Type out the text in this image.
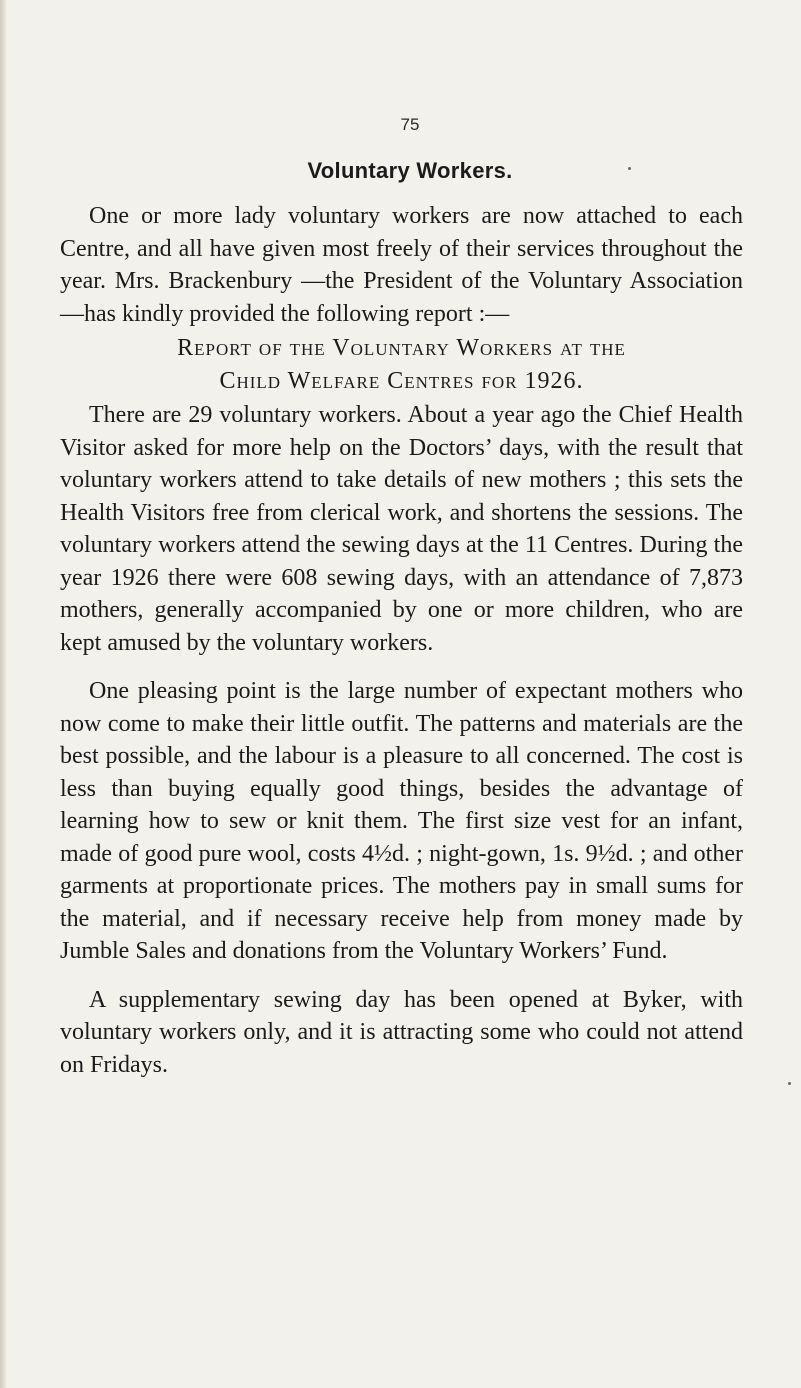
75
Voluntary Workers.

One or more lady voluntary workers are now attached to each Centre, and all have given most freely of their services throughout the year. Mrs. Brackenbury —the President of the Voluntary Association—has kindly provided the following report :—

Report of the Voluntary Workers at the
Child Welfare Centres for 1926.

There are 29 voluntary workers. About a year ago the Chief Health Visitor asked for more help on the Doctors’ days, with the result that voluntary workers attend to take details of new mothers ; this sets the Health Visitors free from clerical work, and shortens the sessions. The voluntary workers attend the sewing days at the 11 Centres. During the year 1926 there were 608 sewing days, with an attendance of 7,873 mothers, generally accompanied by one or more children, who are kept amused by the voluntary workers.

One pleasing point is the large number of expectant mothers who now come to make their little outfit. The patterns and materials are the best possible, and the labour is a pleasure to all concerned. The cost is less than buying equally good things, besides the advantage of learning how to sew or knit them. The first size vest for an infant, made of good pure wool, costs 4½d. ; night-gown, 1s. 9½d. ; and other garments at proportionate prices. The mothers pay in small sums for the material, and if necessary receive help from money made by Jumble Sales and donations from the Voluntary Workers’ Fund.

A supplementary sewing day has been opened at Byker, with voluntary workers only, and it is attracting some who could not attend on Fridays.
